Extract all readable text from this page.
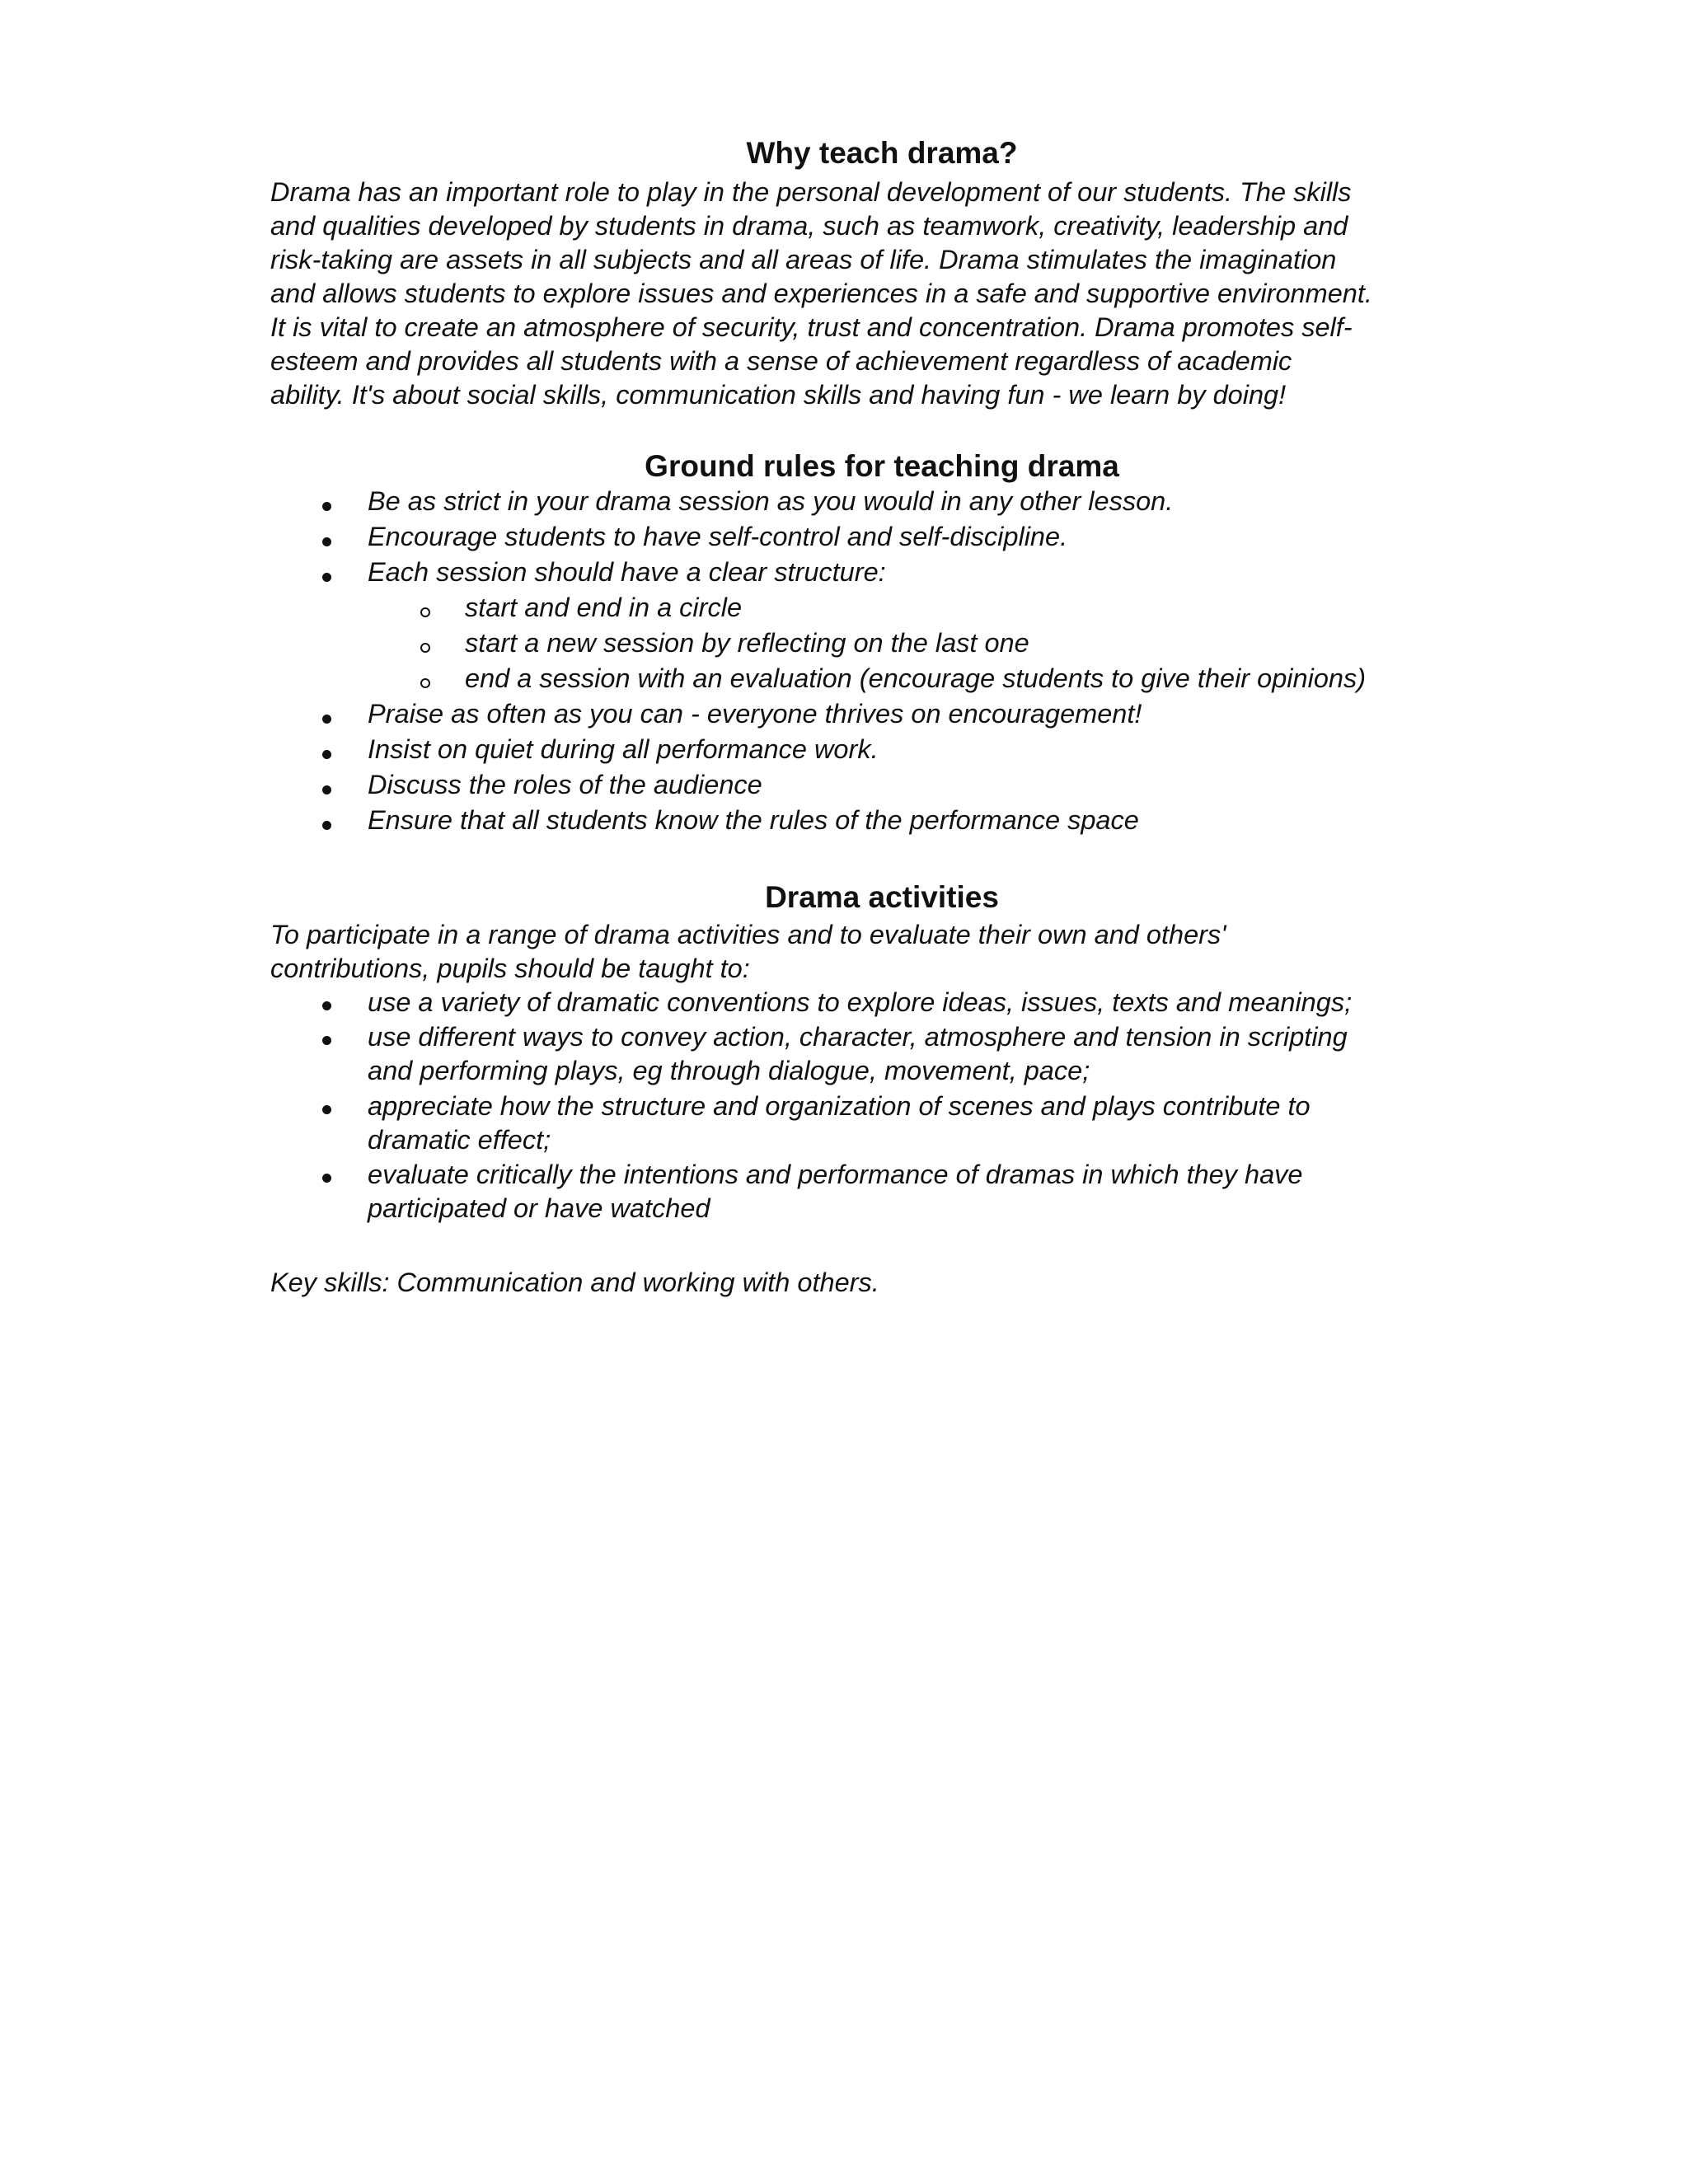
Why teach drama?
Drama has an important role to play in the personal development of our students. The skills
and qualities developed by students in drama, such as teamwork, creativity, leadership and
risk-taking are assets in all subjects and all areas of life. Drama stimulates the imagination
and allows students to explore issues and experiences in a safe and supportive environment.
It is vital to create an atmosphere of security, trust and concentration. Drama promotes self-
esteem and provides all students with a sense of achievement regardless of academic
ability. It's about social skills, communication skills and having fun - we learn by doing!
Ground rules for teaching drama
Be as strict in your drama session as you would in any other lesson.
Encourage students to have self-control and self-discipline.
Each session should have a clear structure:
start and end in a circle
start a new session by reflecting on the last one
end a session with an evaluation (encourage students to give their opinions)
Praise as often as you can - everyone thrives on encouragement!
Insist on quiet during all performance work.
Discuss the roles of the audience
Ensure that all students know the rules of the performance space
Drama activities
To participate in a range of drama activities and to evaluate their own and others'
contributions, pupils should be taught to:
use a variety of dramatic conventions to explore ideas, issues, texts and meanings;
use different ways to convey action, character, atmosphere and tension in scripting
and performing plays, eg through dialogue, movement, pace;
appreciate how the structure and organization of scenes and plays contribute to
dramatic effect;
evaluate critically the intentions and performance of dramas in which they have
participated or have watched
Key skills: Communication and working with others.
